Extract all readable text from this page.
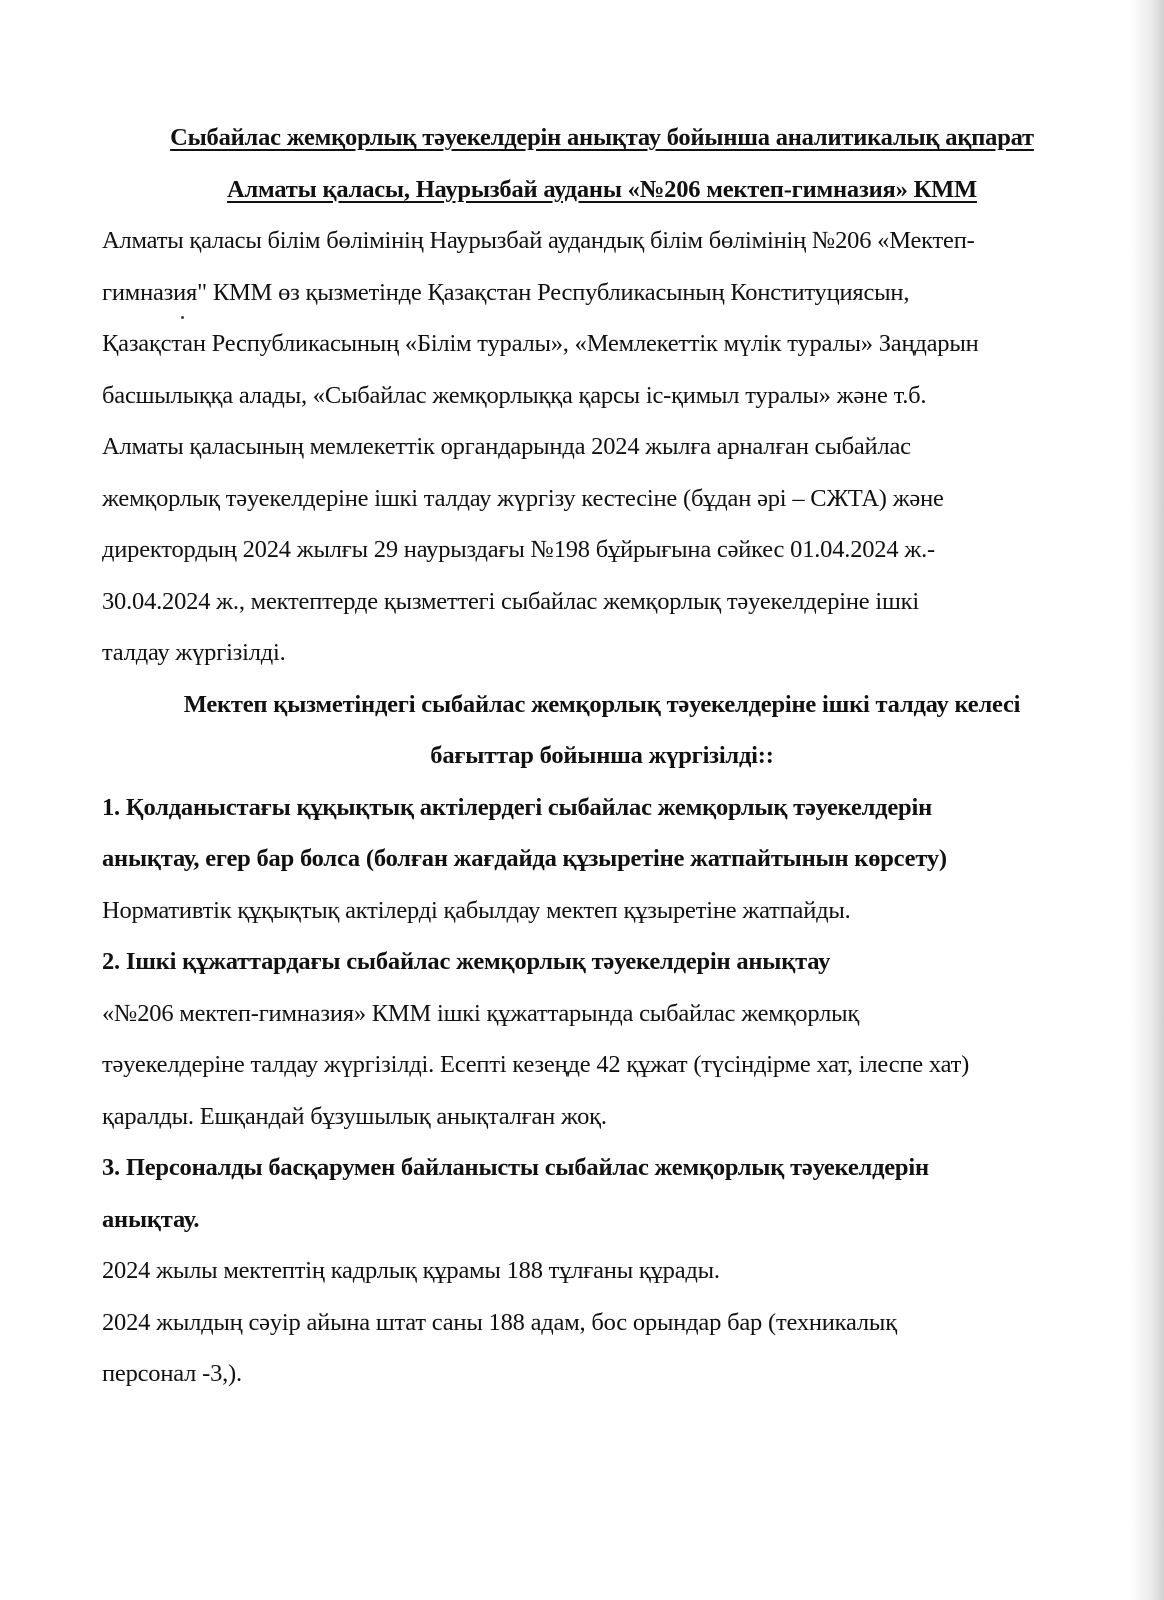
Сыбайлас жемқорлық тәуекелдерін анықтау бойынша аналитикалық ақпарат
Алматы қаласы, Наурызбай ауданы «№206 мектеп-гимназия» КММ
Алматы қаласы білім бөлімінің Наурызбай аудандық білім бөлімінің №206 «Мектеп-
гимназия" КММ өз қызметінде Қазақстан Республикасының Конституциясын,
Қазақстан Республикасының «Білім туралы», «Мемлекеттік мүлік туралы» Заңдарын
басшылыққа алады, «Сыбайлас жемқорлыққа қарсы іс-қимыл туралы» және т.б.
Алматы қаласының мемлекеттік органдарында 2024 жылға арналған сыбайлас
жемқорлық тәуекелдеріне ішкі талдау жүргізу кестесіне (бұдан әрі – СЖТА) және
директордың 2024 жылғы 29 наурыздағы №198 бұйрығына сәйкес 01.04.2024 ж.-
30.04.2024 ж., мектептерде қызметтегі сыбайлас жемқорлық тәуекелдеріне ішкі
талдау жүргізілді.
Мектеп қызметіндегі сыбайлас жемқорлық тәуекелдеріне ішкі талдау келесі
бағыттар бойынша жүргізілді::
1. Қолданыстағы құқықтық актілердегі сыбайлас жемқорлық тәуекелдерін
анықтау, егер бар болса (болған жағдайда құзыретіне жатпайтынын көрсету)
Нормативтік құқықтық актілерді қабылдау мектеп құзыретіне жатпайды.
2. Ішкі құжаттардағы сыбайлас жемқорлық тәуекелдерін анықтау
«№206 мектеп-гимназия» КММ ішкі құжаттарында сыбайлас жемқорлық
тәуекелдеріне талдау жүргізілді. Есепті кезеңде 42 құжат (түсіндірме хат, ілеспе хат)
қаралды. Ешқандай бұзушылық анықталған жоқ.
3. Персоналды басқарумен байланысты сыбайлас жемқорлық тәуекелдерін
анықтау.
2024 жылы мектептің кадрлық құрамы 188 тұлғаны құрады.
2024 жылдың сәуір айына штат саны 188 адам, бос орындар бар (техникалық
персонал -3,).
